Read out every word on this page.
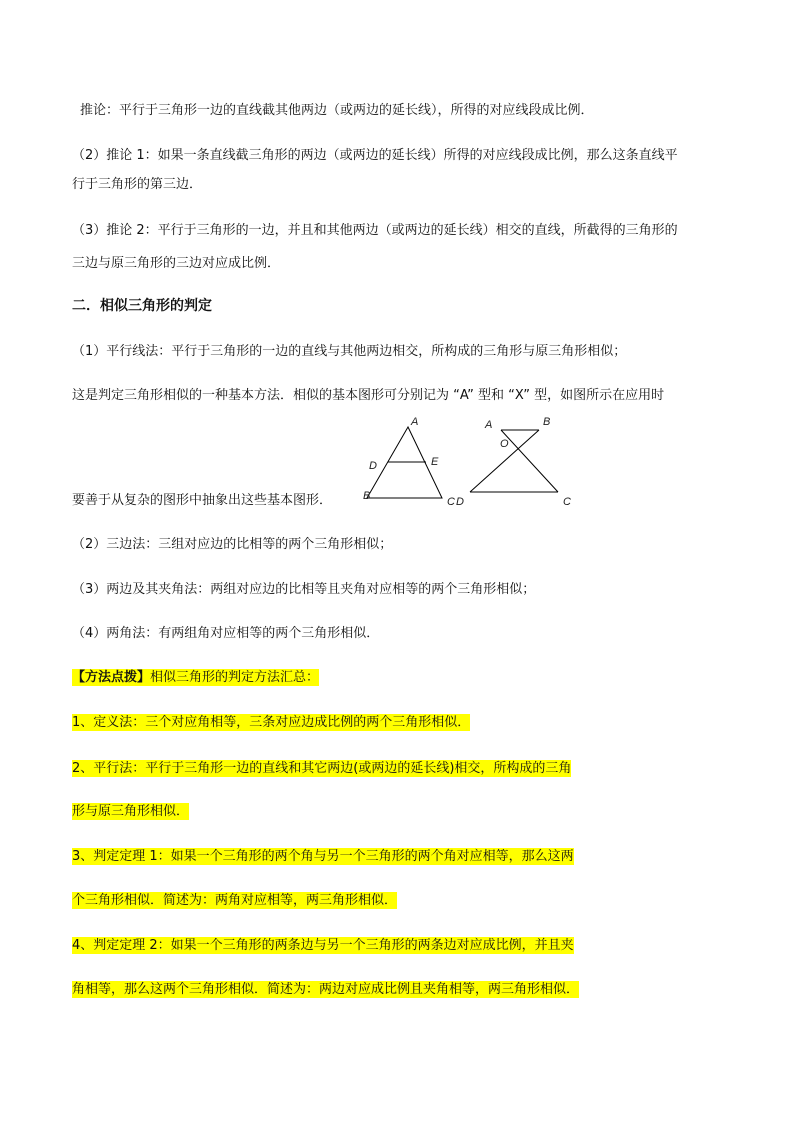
推论：平行于三角形一边的直线截其他两边（或两边的延长线），所得的对应线段成比例．
（2）推论 1：如果一条直线截三角形的两边（或两边的延长线）所得的对应线段成比例，那么这条直线平
行于三角形的第三边．
（3）推论 2：平行于三角形的一边，并且和其他两边（或两边的延长线）相交的直线，所截得的三角形的
三边与原三角形的三边对应成比例．
二．相似三角形的判定
（1）平行线法：平行于三角形的一边的直线与其他两边相交，所构成的三角形与原三角形相似；
这是判定三角形相似的一种基本方法．相似的基本图形可分别记为 “A” 型和 “X” 型，如图所示在应用时
要善于从复杂的图形中抽象出这些基本图形．
A
D	E
B	C D
A	B
O
C
（2）三边法：三组对应边的比相等的两个三角形相似；
（3）两边及其夹角法：两组对应边的比相等且夹角对应相等的两个三角形相似；
（4）两角法：有两组角对应相等的两个三角形相似．
【方法点拨】相似三角形的判定方法汇总：
1、定义法：三个对应角相等，三条对应边成比例的两个三角形相似．
2、平行法：平行于三角形一边的直线和其它两边(或两边的延长线)相交，所构成的三角
形与原三角形相似．
3、判定定理 1：如果一个三角形的两个角与另一个三角形的两个角对应相等，那么这两
个三角形相似．简述为：两角对应相等，两三角形相似．
4、判定定理 2：如果一个三角形的两条边与另一个三角形的两条边对应成比例，并且夹
角相等，那么这两个三角形相似．简述为：两边对应成比例且夹角相等，两三角形相似．
